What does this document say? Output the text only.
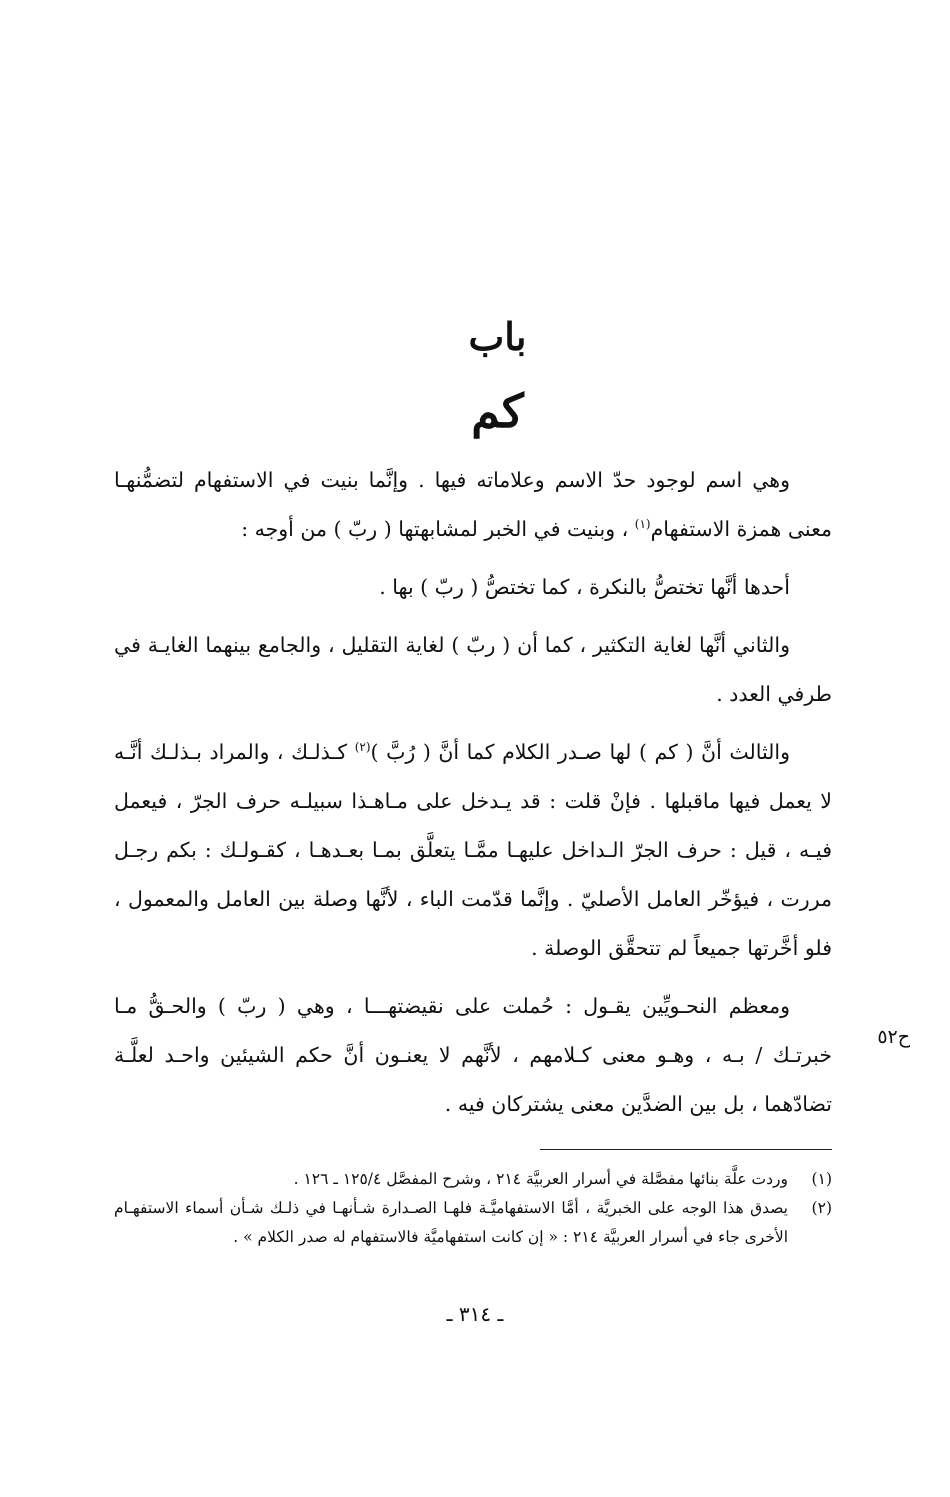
باب
كم

وهي اسم لوجود حدّ الاسم وعلاماته فيها . وإنَّما بنيت في الاستفهام لتضمُّنهـا معنى همزة الاستفهام$^{(١)}$ ، وبنيت في الخبر لمشابهتها ( ربّ ) من أوجه :

أحدها أنَّها تختصُّ بالنكرة ، كما تختصُّ ( ربّ ) بها .

والثاني أنَّها لغاية التكثير ، كما أن ( ربّ ) لغاية التقليل ، والجامع بينهما الغايـة في طرفي العدد .

والثالث أنَّ ( كم ) لها صـدر الكلام كما أنَّ ( رُبَّ )$^{(٢)}$ كـذلـك ، والمراد بـذلـك أنَّـه لا يعمل فيها ماقبلها . فإنْ قلت : قد يـدخل على مـاهـذا سبيلـه حرف الجرّ ، فيعمل فيـه ، قيل : حرف الجرّ الـداخل عليهـا ممَّـا يتعلَّق بمـا بعـدهـا ، كقـولـك : بكم رجـل مررت ، فيؤخّر العامل الأصليّ . وإنَّما قدّمت الباء ، لأنَّها وصلة بين العامل والمعمول ، فلو أخَّرتها جميعاً لم تتحقَّق الوصلة .

ومعظم النحـويِّين يقـول : حُملت على نقيضتهـــا ، وهي ( ربّ ) والحـقُّ مـا خبرتـك / بـه ، وهـو معنى كـلامهم ، لأنَّهم لا يعنـون أنَّ حكم الشيئين واحـد لعلَّـة تضادّهما ، بل بين الضدَّين معنى يشتركان فيه .

ح٥٢
(١)
وردت علَّة بنائها مفصَّلة في أسرار العربيَّة ٢١٤ ، وشرح المفصَّل ١٢٥/٤ ـ ١٢٦ .
(٢)
يصدق هذا الوجه على الخبريَّة ، أمَّا الاستفهاميَّـة فلهـا الصـدارة شـأنهـا في ذلـك شـأن أسماء الاستفهـام الأخرى جاء في أسرار العربيَّة ٢١٤ : « إن كانت استفهاميَّة فالاستفهام له صدر الكلام » .
ـ ٣١٤ ـ
